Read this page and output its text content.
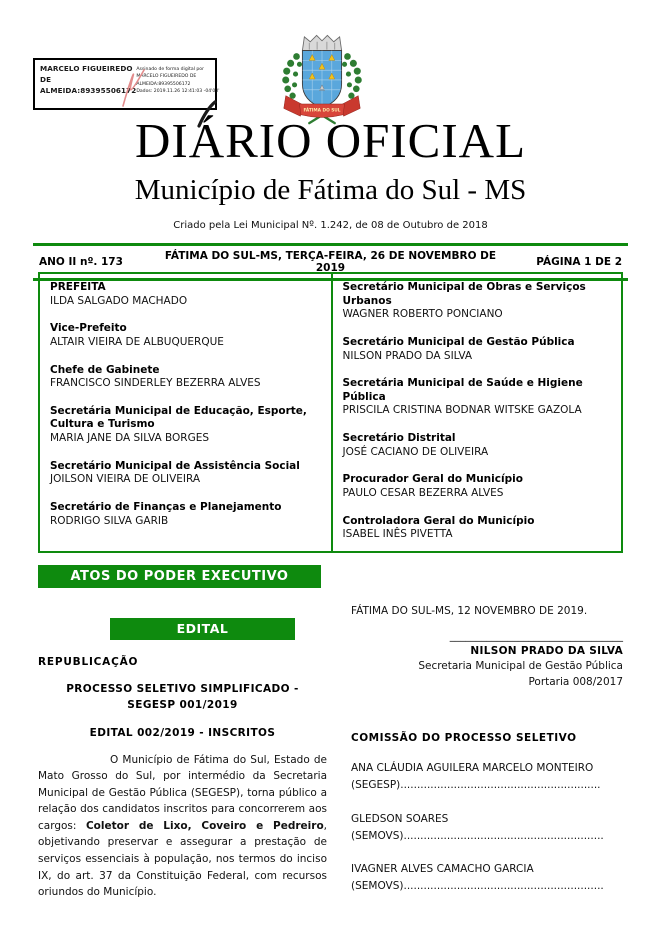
MARCELO FIGUEIREDO DE ALMEIDA:89395506172
Assinado de forma digital por
MARCELO FIGUEIREDO DE
ALMEIDA:89395506172
Dados: 2019.11.26 12:41:03 -04'00'
FÁTIMA DO SUL
DIÁRIO OFICIAL
Município de Fátima do Sul - MS
Criado pela Lei Municipal Nº. 1.242, de 08 de Outubro de 2018
ANO II nº. 173	FÁTIMA DO SUL-MS, TERÇA-FEIRA, 26 DE NOVEMBRO DE 2019	PÁGINA 1 DE 2
PREFEITA
ILDA SALGADO MACHADO
Vice-Prefeito
ALTAIR VIEIRA DE ALBUQUERQUE
Chefe de Gabinete
FRANCISCO SINDERLEY BEZERRA ALVES
Secretária Municipal de Educação, Esporte, Cultura e Turismo
MARIA JANE DA SILVA BORGES
Secretário Municipal de Assistência Social
JOILSON VIEIRA DE OLIVEIRA
Secretário de Finanças e Planejamento
RODRIGO SILVA GARIB
Secretário Municipal de Obras e Serviços Urbanos
WAGNER ROBERTO PONCIANO
Secretário Municipal de Gestão Pública
NILSON PRADO DA SILVA
Secretária Municipal de Saúde e Higiene Pública
PRISCILA CRISTINA BODNAR WITSKE GAZOLA
Secretário Distrital
JOSÉ CACIANO DE OLIVEIRA
Procurador Geral do Município
PAULO CESAR BEZERRA ALVES
Controladora Geral do Município
ISABEL INÊS PIVETTA
ATOS DO PODER EXECUTIVO
EDITAL
REPUBLICAÇÃO
PROCESSO SELETIVO SIMPLIFICADO -
SEGESP 001/2019
EDITAL 002/2019 - INSCRITOS

O Município de Fátima do Sul, Estado de Mato Grosso do Sul, por intermédio da Secretaria Municipal de Gestão Pública (SEGESP), torna público a relação dos candidatos inscritos para concorrerem aos cargos: Coletor de Lixo, Coveiro e Pedreiro, objetivando preservar e assegurar a prestação de serviços essenciais à população, nos termos do inciso IX, do art. 37 da Constituição Federal, com recursos oriundos do Município.

FÁTIMA DO SUL-MS, 12 NOVEMBRO DE 2019.
_________________________________
NILSON PRADO DA SILVA
Secretaria Municipal de Gestão Pública
Portaria 008/2017
COMISSÃO DO PROCESSO SELETIVO
ANA CLÁUDIA AGUILERA MARCELO MONTEIRO
(SEGESP)............................................................
GLEDSON SOARES
(SEMOVS)............................................................
IVAGNER ALVES CAMACHO GARCIA
(SEMOVS)............................................................
